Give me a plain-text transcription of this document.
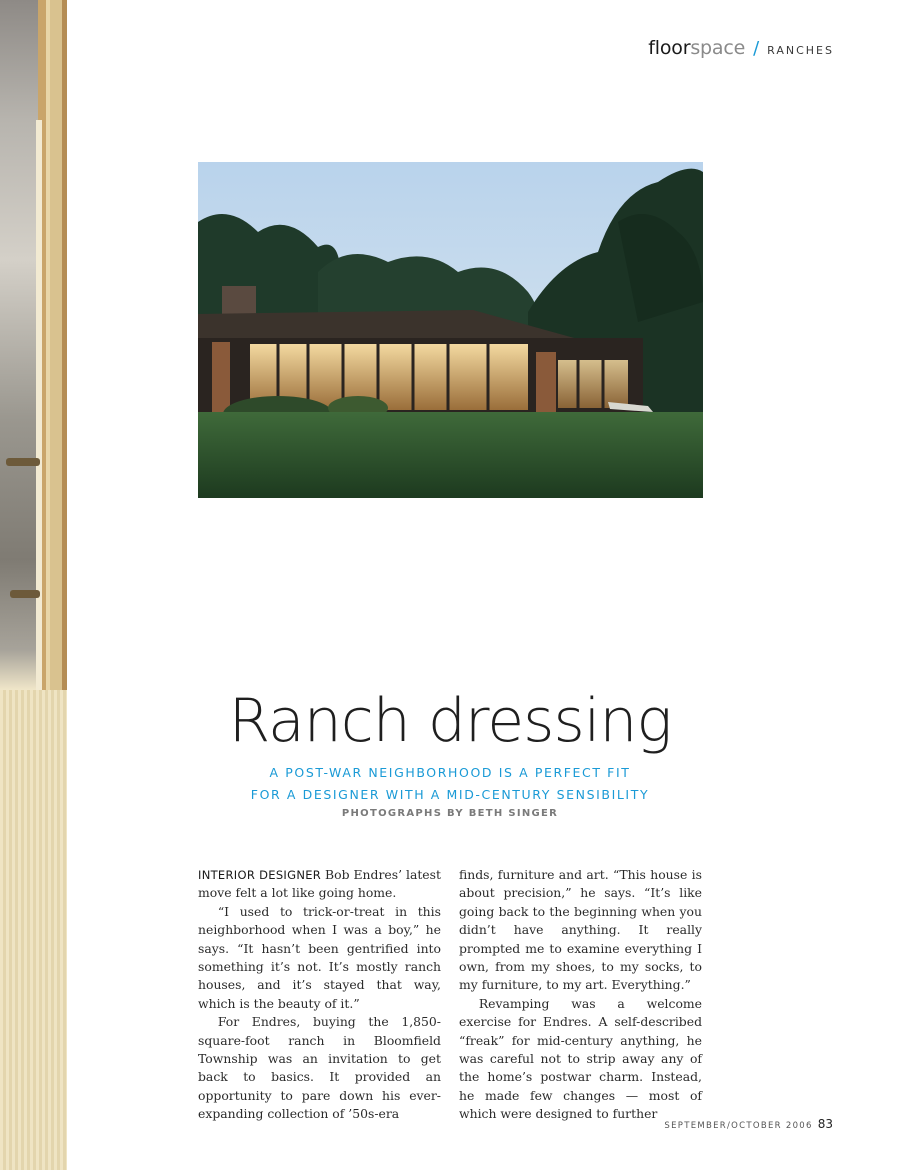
floorspace / RANCHES
Ranch dressing
A POST-WAR NEIGHBORHOOD IS A PERFECT FIT
FOR A DESIGNER WITH A MID-CENTURY SENSIBILITY
PHOTOGRAPHS BY BETH SINGER

INTERIOR DESIGNER Bob Endres’ latest move felt a lot like going home.

“I used to trick-or-treat in this neighborhood when I was a boy,” he says. “It hasn’t been gentrified into something it’s not. It’s mostly ranch houses, and it’s stayed that way, which is the beauty of it.”

For Endres, buying the 1,850-square-foot ranch in Bloomfield Township was an invitation to get back to basics. It provided an opportunity to pare down his ever-expanding collection of ’50s-era

finds, furniture and art. “This house is about precision,” he says. “It’s like going back to the beginning when you didn’t have anything. It really prompted me to examine everything I own, from my shoes, to my socks, to my furniture, to my art. Everything.”

Revamping was a welcome exercise for Endres. A self-described “freak” for mid-century anything, he was careful not to strip away any of the home’s postwar charm. Instead, he made few changes — most of which were designed to further

SEPTEMBER/OCTOBER 2006 83
